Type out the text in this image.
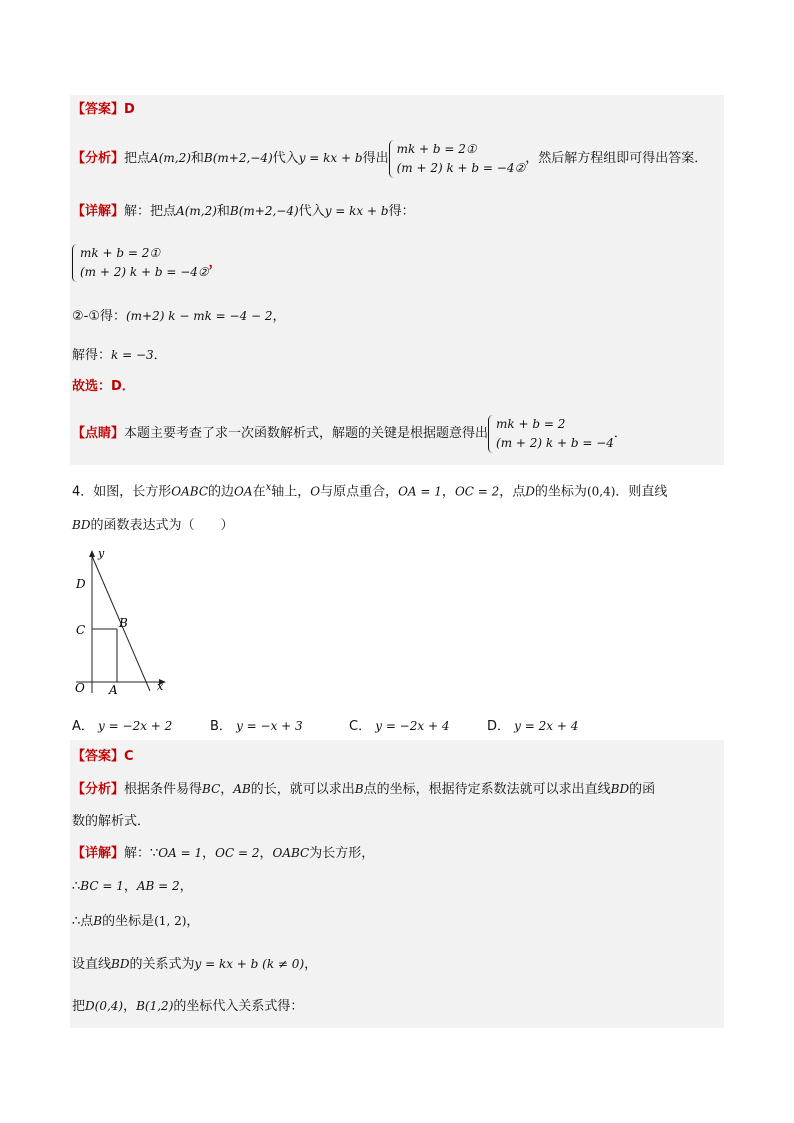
【答案】D
【分析】把点A(m,2)和B(m+2,−4)代入y = kx + b得出
mk + b = 2①
(m + 2) k + b = −4②
，然后解方程组即可得出答案．
【详解】解：把点A(m,2)和B(m+2,−4)代入y = kx + b得：
mk + b = 2①
(m + 2) k + b = −4②
，
②-①得：(m+2) k − mk = −4 − 2，
解得：k = −3．
故选：D．
【点睛】本题主要考查了求一次函数解析式，解题的关键是根据题意得出
mk + b = 2
(m + 2) k + b = −4
．
4．如图，长方形OABC的边OA在$^x$轴上，O与原点重合，OA = 1，OC = 2，点D的坐标为(0,4)．则直线
BD的函数表达式为（　　）
y
D
C	B
O A	x
A． y = −2x + 2	B． y = −x + 3	C． y = −2x + 4	D． y = 2x + 4
【答案】C
【分析】根据条件易得BC，AB的长，就可以求出B点的坐标，根据待定系数法就可以求出直线BD的函
数的解析式．
【详解】解：∵OA = 1，OC = 2，OABC为长方形，
∴BC = 1，AB = 2，
∴点B的坐标是(1, 2)，
设直线BD的关系式为y = kx + b (k ≠ 0)，
把D(0,4)，B(1,2)的坐标代入关系式得：
